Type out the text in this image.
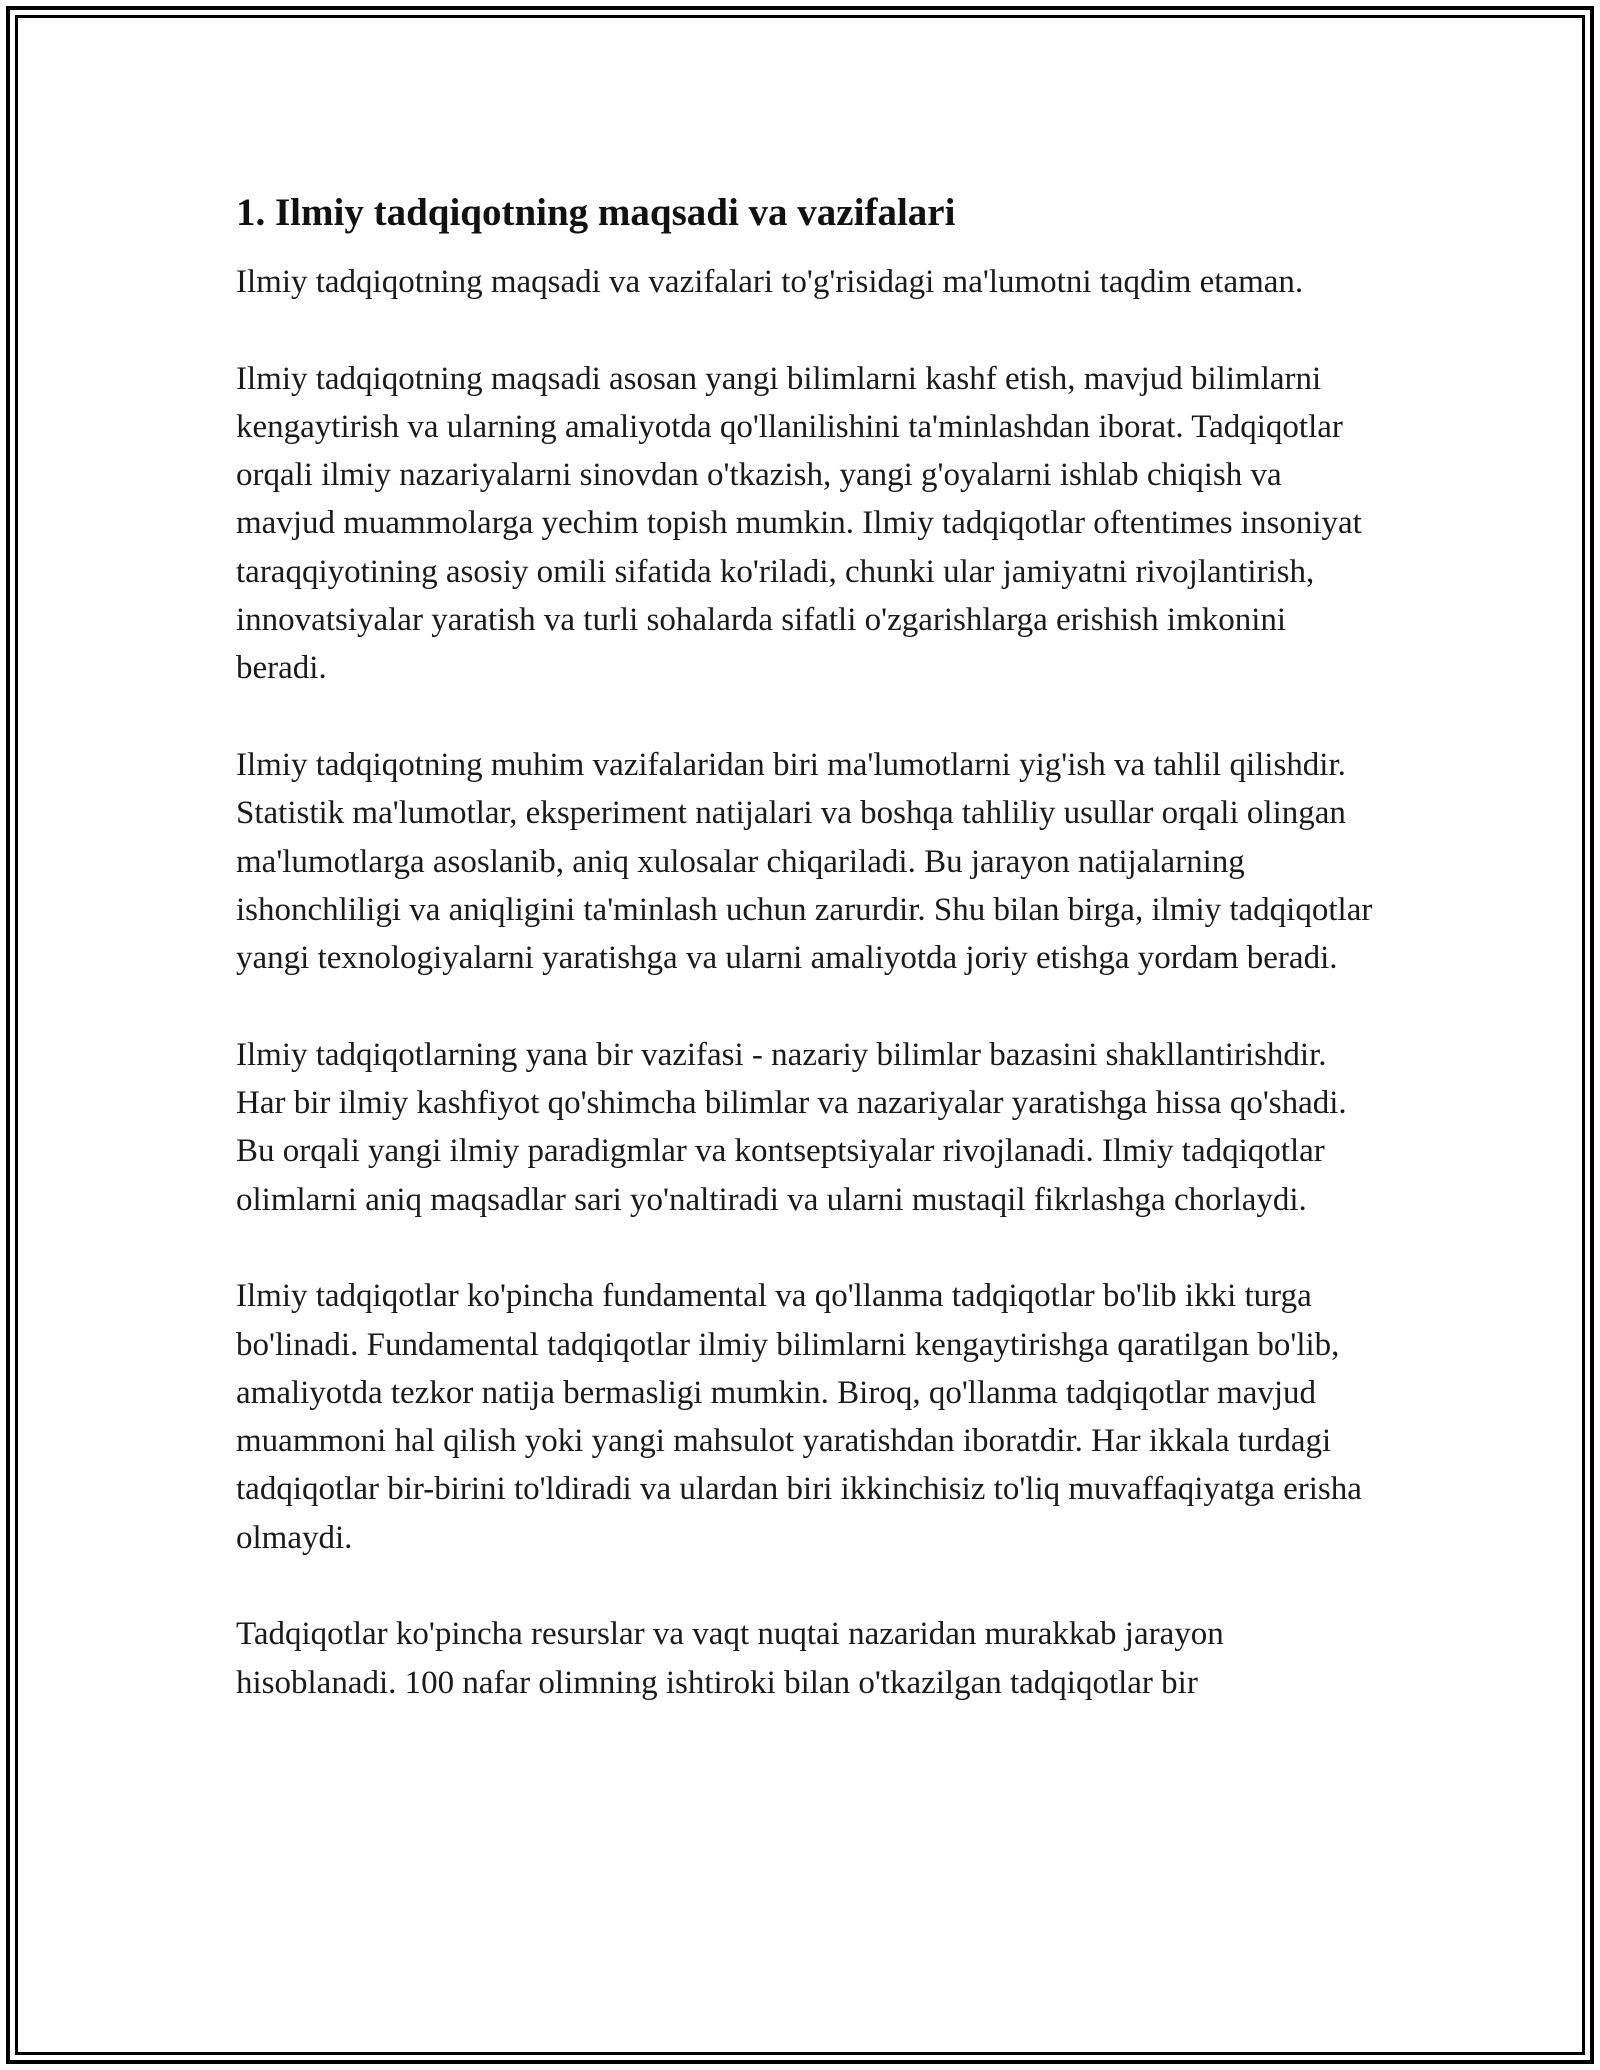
1. Ilmiy tadqiqotning maqsadi va vazifalari

Ilmiy tadqiqotning maqsadi va vazifalari to'g'risidagi ma'lumotni taqdim etaman.

Ilmiy tadqiqotning maqsadi asosan yangi bilimlarni kashf etish, mavjud bilimlarni kengaytirish va ularning amaliyotda qo'llanilishini ta'minlashdan iborat. Tadqiqotlar orqali ilmiy nazariyalarni sinovdan o'tkazish, yangi g'oyalarni ishlab chiqish va mavjud muammolarga yechim topish mumkin. Ilmiy tadqiqotlar oftentimes insoniyat taraqqiyotining asosiy omili sifatida ko'riladi, chunki ular jamiyatni rivojlantirish, innovatsiyalar yaratish va turli sohalarda sifatli o'zgarishlarga erishish imkonini beradi.

Ilmiy tadqiqotning muhim vazifalaridan biri ma'lumotlarni yig'ish va tahlil qilishdir. Statistik ma'lumotlar, eksperiment natijalari va boshqa tahliliy usullar orqali olingan ma'lumotlarga asoslanib, aniq xulosalar chiqariladi. Bu jarayon natijalarning ishonchliligi va aniqligini ta'minlash uchun zarurdir. Shu bilan birga, ilmiy tadqiqotlar yangi texnologiyalarni yaratishga va ularni amaliyotda joriy etishga yordam beradi.

Ilmiy tadqiqotlarning yana bir vazifasi - nazariy bilimlar bazasini shakllantirishdir. Har bir ilmiy kashfiyot qo'shimcha bilimlar va nazariyalar yaratishga hissa qo'shadi. Bu orqali yangi ilmiy paradigmlar va kontseptsiyalar rivojlanadi. Ilmiy tadqiqotlar olimlarni aniq maqsadlar sari yo'naltiradi va ularni mustaqil fikrlashga chorlaydi.

Ilmiy tadqiqotlar ko'pincha fundamental va qo'llanma tadqiqotlar bo'lib ikki turga bo'linadi. Fundamental tadqiqotlar ilmiy bilimlarni kengaytirishga qaratilgan bo'lib, amaliyotda tezkor natija bermasligi mumkin. Biroq, qo'llanma tadqiqotlar mavjud muammoni hal qilish yoki yangi mahsulot yaratishdan iboratdir. Har ikkala turdagi tadqiqotlar bir-birini to'ldiradi va ulardan biri ikkinchisiz to'liq muvaffaqiyatga erisha olmaydi.

Tadqiqotlar ko'pincha resurslar va vaqt nuqtai nazaridan murakkab jarayon hisoblanadi. 100 nafar olimning ishtiroki bilan o'tkazilgan tadqiqotlar bir
